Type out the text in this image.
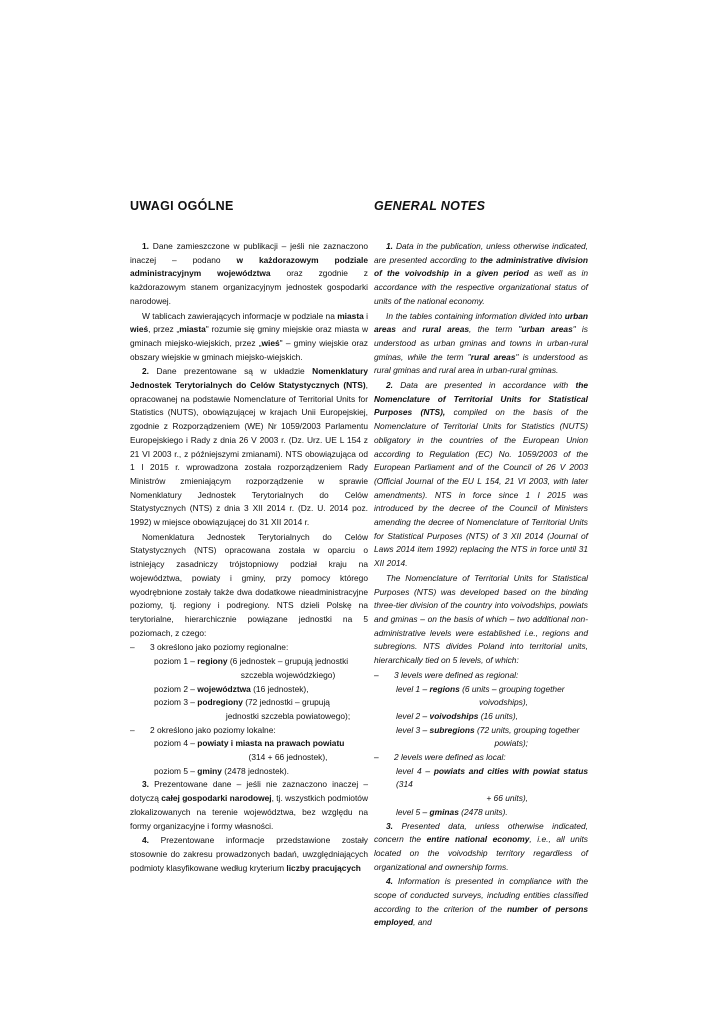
UWAGI OGÓLNE

1. Dane zamieszczone w publikacji – jeśli nie zaznaczono inaczej – podano w każdorazowym podziale administracyjnym województwa oraz zgodnie z każdorazowym stanem organizacyjnym jednostek gospodarki narodowej.

W tablicach zawierających informacje w podziale na miasta i wieś, przez „miasta" rozumie się gminy miejskie oraz miasta w gminach miejsko-wiejskich, przez „wieś" – gminy wiejskie oraz obszary wiejskie w gminach miejsko-wiejskich.

2. Dane prezentowane są w układzie Nomenklatury Jednostek Terytorialnych do Celów Statystycznych (NTS), opracowanej na podstawie Nomenclature of Territorial Units for Statistics (NUTS), obowiązującej w krajach Unii Europejskiej, zgodnie z Rozporządzeniem (WE) Nr 1059/2003 Parlamentu Europejskiego i Rady z dnia 26 V 2003 r. (Dz. Urz. UE L 154 z 21 VI 2003 r., z późniejszymi zmianami). NTS obowiązująca od 1 I 2015 r. wprowadzona została rozporządzeniem Rady Ministrów zmieniającym rozporządzenie w sprawie Nomenklatury Jednostek Terytorialnych do Celów Statystycznych (NTS) z dnia 3 XII 2014 r. (Dz. U. 2014 poz. 1992) w miejsce obowiązującej do 31 XII 2014 r.

Nomenklatura Jednostek Terytorialnych do Celów Statystycznych (NTS) opracowana została w oparciu o istniejący zasadniczy trójstopniowy podział kraju na województwa, powiaty i gminy, przy pomocy którego wyodrębnione zostały także dwa dodatkowe nieadministracyjne poziomy, tj. regiony i podregiony. NTS dzieli Polskę na terytorialne, hierarchicznie powiązane jednostki na 5 poziomach, z czego:

– 3 określono jako poziomy regionalne:

poziom 1 – regiony (6 jednostek – grupują jednostki
szczebla wojewódzkiego)

poziom 2 – województwa (16 jednostek),

poziom 3 – podregiony (72 jednostki – grupują
jednostki szczebla powiatowego);

– 2 określono jako poziomy lokalne:

poziom 4 – powiaty i miasta na prawach powiatu
(314 + 66 jednostek),

poziom 5 – gminy (2478 jednostek).

3. Prezentowane dane – jeśli nie zaznaczono inaczej – dotyczą całej gospodarki narodowej, tj. wszystkich podmiotów zlokalizowanych na terenie województwa, bez względu na formy organizacyjne i formy własności.

4. Prezentowane informacje przedstawione zostały stosownie do zakresu prowadzonych badań, uwzględniających podmioty klasyfikowane według kryterium liczby pracujących

GENERAL NOTES

1. Data in the publication, unless otherwise indicated, are presented according to the administrative division of the voivodship in a given period as well as in accordance with the respective organizational status of units of the national economy.

In the tables containing information divided into urban areas and rural areas, the term "urban areas" is understood as urban gminas and towns in urban-rural gminas, while the term "rural areas" is understood as rural gminas and rural area in urban-rural gminas.

2. Data are presented in accordance with the Nomenclature of Territorial Units for Statistical Purposes (NTS), compiled on the basis of the Nomenclature of Territorial Units for Statistics (NUTS) obligatory in the countries of the European Union according to Regulation (EC) No. 1059/2003 of the European Parliament and of the Council of 26 V 2003 (Official Journal of the EU L 154, 21 VI 2003, with later amendments). NTS in force since 1 I 2015 was introduced by the decree of the Council of Ministers amending the decree of Nomenclature of Territorial Units for Statistical Purposes (NTS) of 3 XII 2014 (Journal of Laws 2014 item 1992) replacing the NTS in force until 31 XII 2014.

The Nomenclature of Territorial Units for Statistical Purposes (NTS) was developed based on the binding three-tier division of the country into voivodships, powiats and gminas – on the basis of which – two additional non-administrative levels were established i.e., regions and subregions. NTS divides Poland into territorial units, hierarchically tied on 5 levels, of which:

– 3 levels were defined as regional:

level 1 – regions (6 units – grouping together
voivodships),

level 2 – voivodships (16 units),

level 3 – subregions (72 units, grouping together
powiats);

– 2 levels were defined as local:

level 4 – powiats and cities with powiat status (314
+ 66 units),

level 5 – gminas (2478 units).

3. Presented data, unless otherwise indicated, concern the entire national economy, i.e., all units located on the voivodship territory regardless of organizational and ownership forms.

4. Information is presented in compliance with the scope of conducted surveys, including entities classified according to the criterion of the number of persons employed, and
